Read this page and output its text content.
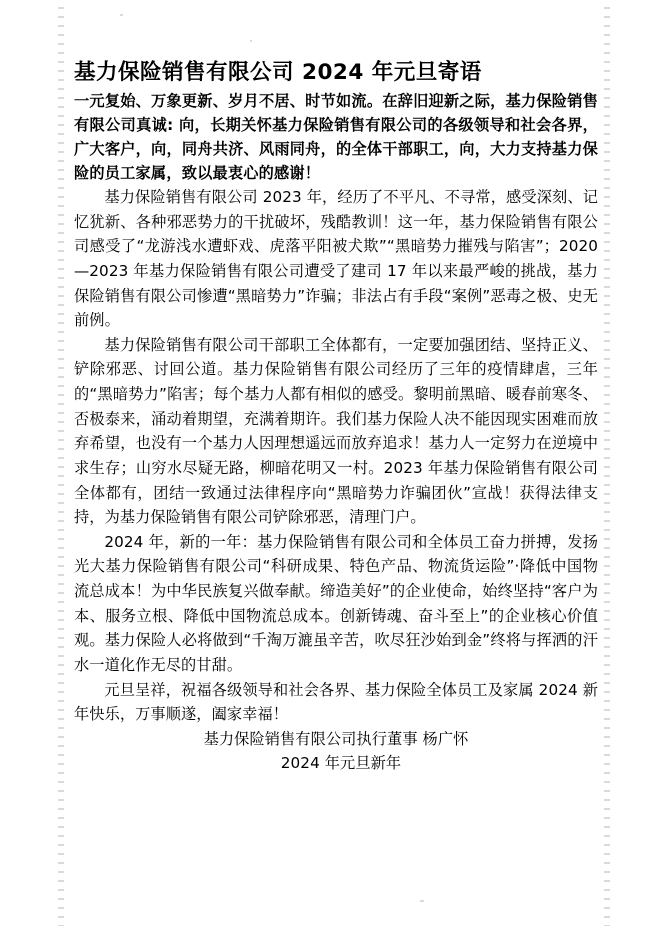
基力保险销售有限公司 2024 年元旦寄语

一元复始、万象更新、岁月不居、时节如流。在辞旧迎新之际，基力保险销售有限公司真诚: 向，长期关怀基力保险销售有限公司的各级领导和社会各界，广大客户，向，同舟共济、风雨同舟，的全体干部职工，向，大力支持基力保险的员工家属，致以最衷心的感谢！

基力保险销售有限公司 2023 年，经历了不平凡、不寻常，感受深刻、记忆犹新、各种邪恶势力的干扰破坏，残酷教训！这一年，基力保险销售有限公司感受了“龙游浅水遭虾戏、虎落平阳被犬欺”“黑暗势力摧残与陷害”；2020—2023 年基力保险销售有限公司遭受了建司 17 年以来最严峻的挑战，基力保险销售有限公司惨遭“黑暗势力”诈骗；非法占有手段“案例”恶毒之极、史无前例。

基力保险销售有限公司干部职工全体都有，一定要加强团结、坚持正义、铲除邪恶、讨回公道。基力保险销售有限公司经历了三年的疫情肆虐，三年的“黑暗势力”陷害；每个基力人都有相似的感受。黎明前黑暗、暖春前寒冬、否极泰来，涌动着期望，充满着期许。我们基力保险人决不能因现实困难而放弃希望，也没有一个基力人因理想遥远而放弃追求！基力人一定努力在逆境中求生存；山穷水尽疑无路，柳暗花明又一村。2023 年基力保险销售有限公司全体都有，团结一致通过法律程序向“黑暗势力诈骗团伙”宣战！获得法律支持，为基力保险销售有限公司铲除邪恶，清理门户。

2024 年，新的一年：基力保险销售有限公司和全体员工奋力拼搏，发扬光大基力保险销售有限公司“科研成果、特色产品、物流货运险”·降低中国物流总成本！为中华民族复兴做奉献。缔造美好”的企业使命，始终坚持“客户为本、服务立根、降低中国物流总成本。创新铸魂、奋斗至上”的企业核心价值观。基力保险人必将做到“千淘万漉虽辛苦，吹尽狂沙始到金”终将与挥洒的汗水一道化作无尽的甘甜。

元旦呈祥，祝福各级领导和社会各界、基力保险全体员工及家属 2024 新年快乐，万事顺遂，阖家幸福！

基力保险销售有限公司执行董事 杨广怀

2024 年元旦新年
